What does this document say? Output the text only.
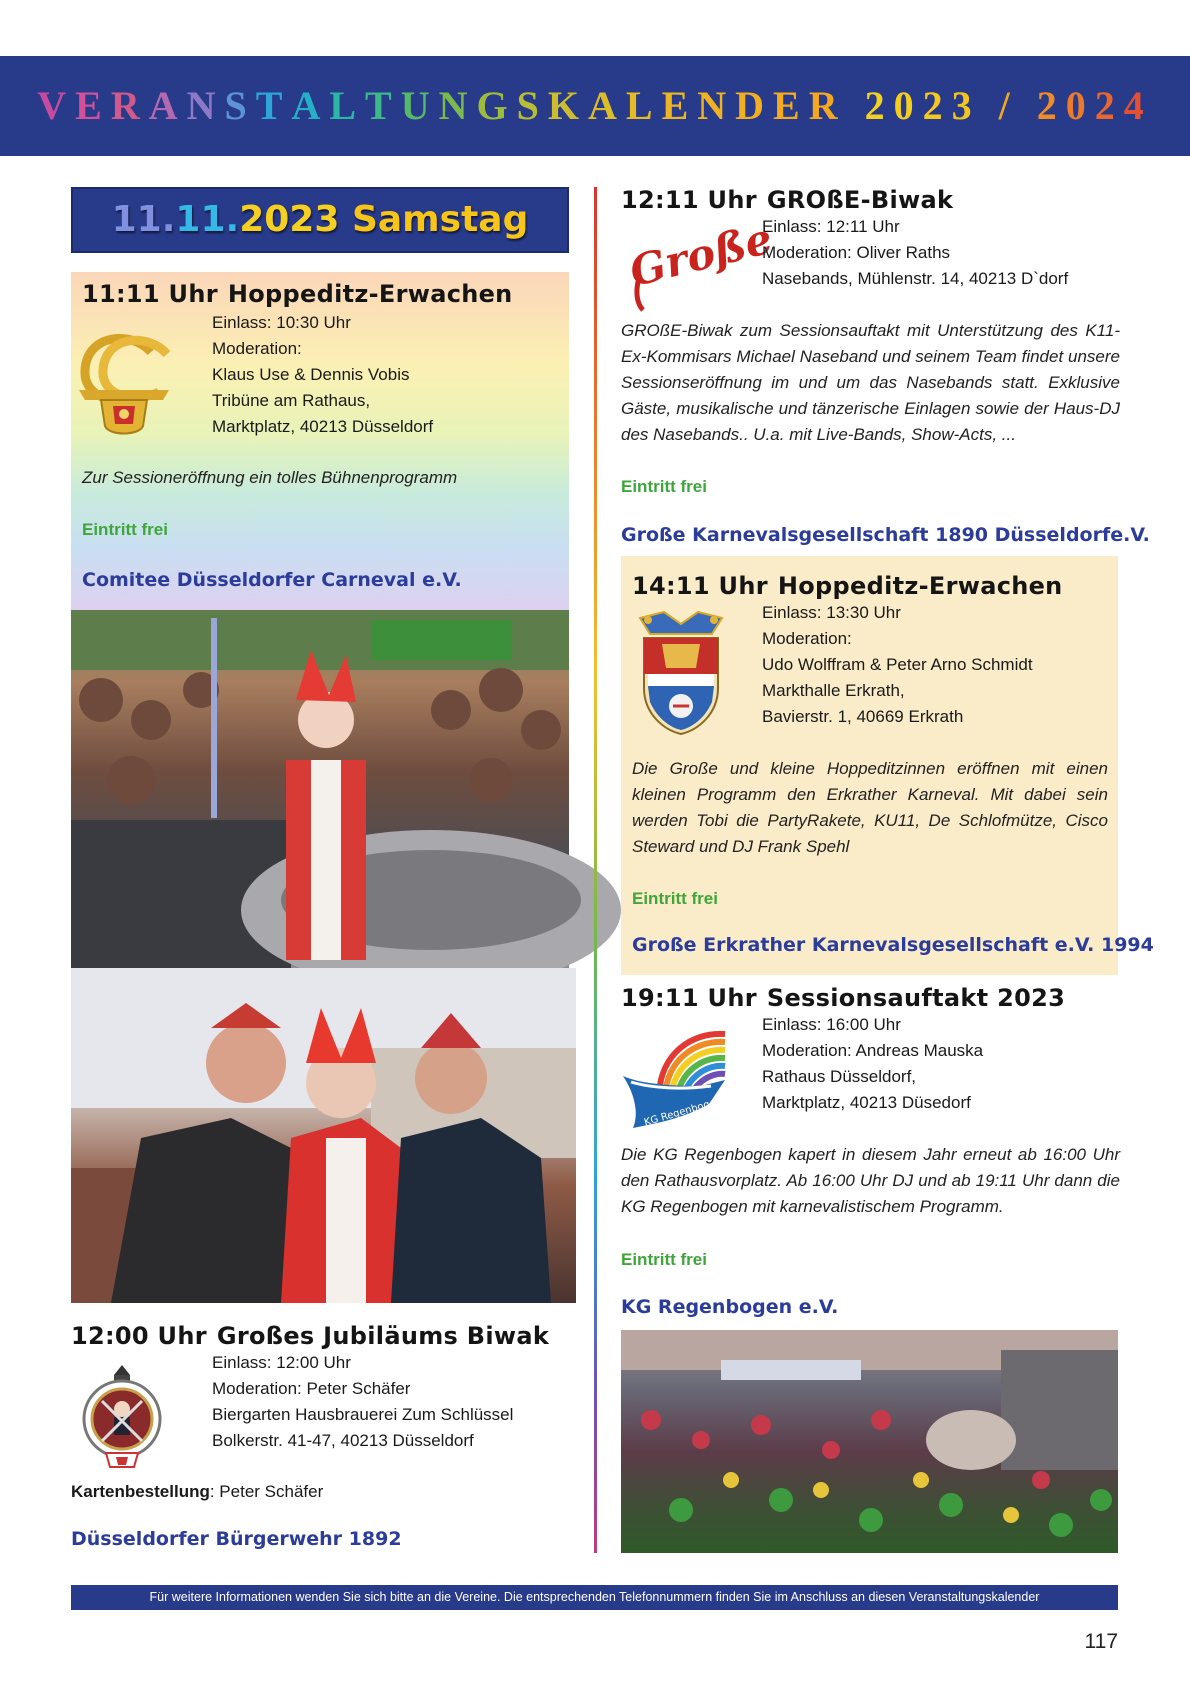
VERANSTALTUNGSKALENDER 2023 / 2024
11.11.2023 Samstag
11:11 Uhr Hoppeditz-Erwachen
Einlass: 10:30 Uhr
Moderation:
Klaus Use & Dennis Vobis
Tribüne am Rathaus,
Marktplatz, 40213 Düsseldorf
Zur Sessioneröffnung ein tolles Bühnenprogramm
Eintritt frei
Comitee Düsseldorfer Carneval e.V.
12:00 Uhr Großes Jubiläums Biwak
Einlass: 12:00 Uhr
Moderation: Peter Schäfer
Biergarten Hausbrauerei Zum Schlüssel
Bolkerstr. 41-47, 40213 Düsseldorf
Kartenbestellung: Peter Schäfer
Düsseldorfer Bürgerwehr 1892
12:11 Uhr GROßE-Biwak
Große
Einlass: 12:11 Uhr
Moderation: Oliver Raths
Nasebands, Mühlenstr. 14, 40213 D`dorf
GROßE-Biwak zum Sessionsauftakt mit Unterstützung des K11-Ex-Kommisars Michael Naseband und seinem Team findet unsere Sessionseröffnung im und um das Nasebands statt. Exklusive Gäste, musikalische und tänzerische Einlagen sowie der Haus-DJ des Nasebands.. U.a. mit Live-Bands, Show-Acts, ...
Eintritt frei
Große Karnevalsgesellschaft 1890 Düsseldorfe.V.
14:11 Uhr Hoppeditz-Erwachen
Einlass: 13:30 Uhr
Moderation:
Udo Wolffram & Peter Arno Schmidt
Markthalle Erkrath,
Bavierstr. 1, 40669 Erkrath
Die Große und kleine Hoppeditzinnen eröffnen mit einen kleinen Programm den Erkrather Karneval. Mit dabei sein werden Tobi die PartyRakete, KU11, De Schlofmütze, Cisco Steward und DJ Frank Spehl
Eintritt frei
Große Erkrather Karnevalsgesellschaft e.V. 1994
19:11 Uhr Sessionsauftakt 2023
KG Regenbogen e.V.
Einlass: 16:00 Uhr
Moderation: Andreas Mauska
Rathaus Düsseldorf,
Marktplatz, 40213 Düsedorf
Die KG Regenbogen kapert in diesem Jahr erneut ab 16:00 Uhr den Rathausvorplatz. Ab 16:00 Uhr DJ und ab 19:11 Uhr dann die KG Regenbogen mit karnevalistischem Programm.
Eintritt frei
KG Regenbogen e.V.
Für weitere Informationen wenden Sie sich bitte an die Vereine. Die entsprechenden Telefonnummern finden Sie im Anschluss an diesen Veranstaltungskalender
117
